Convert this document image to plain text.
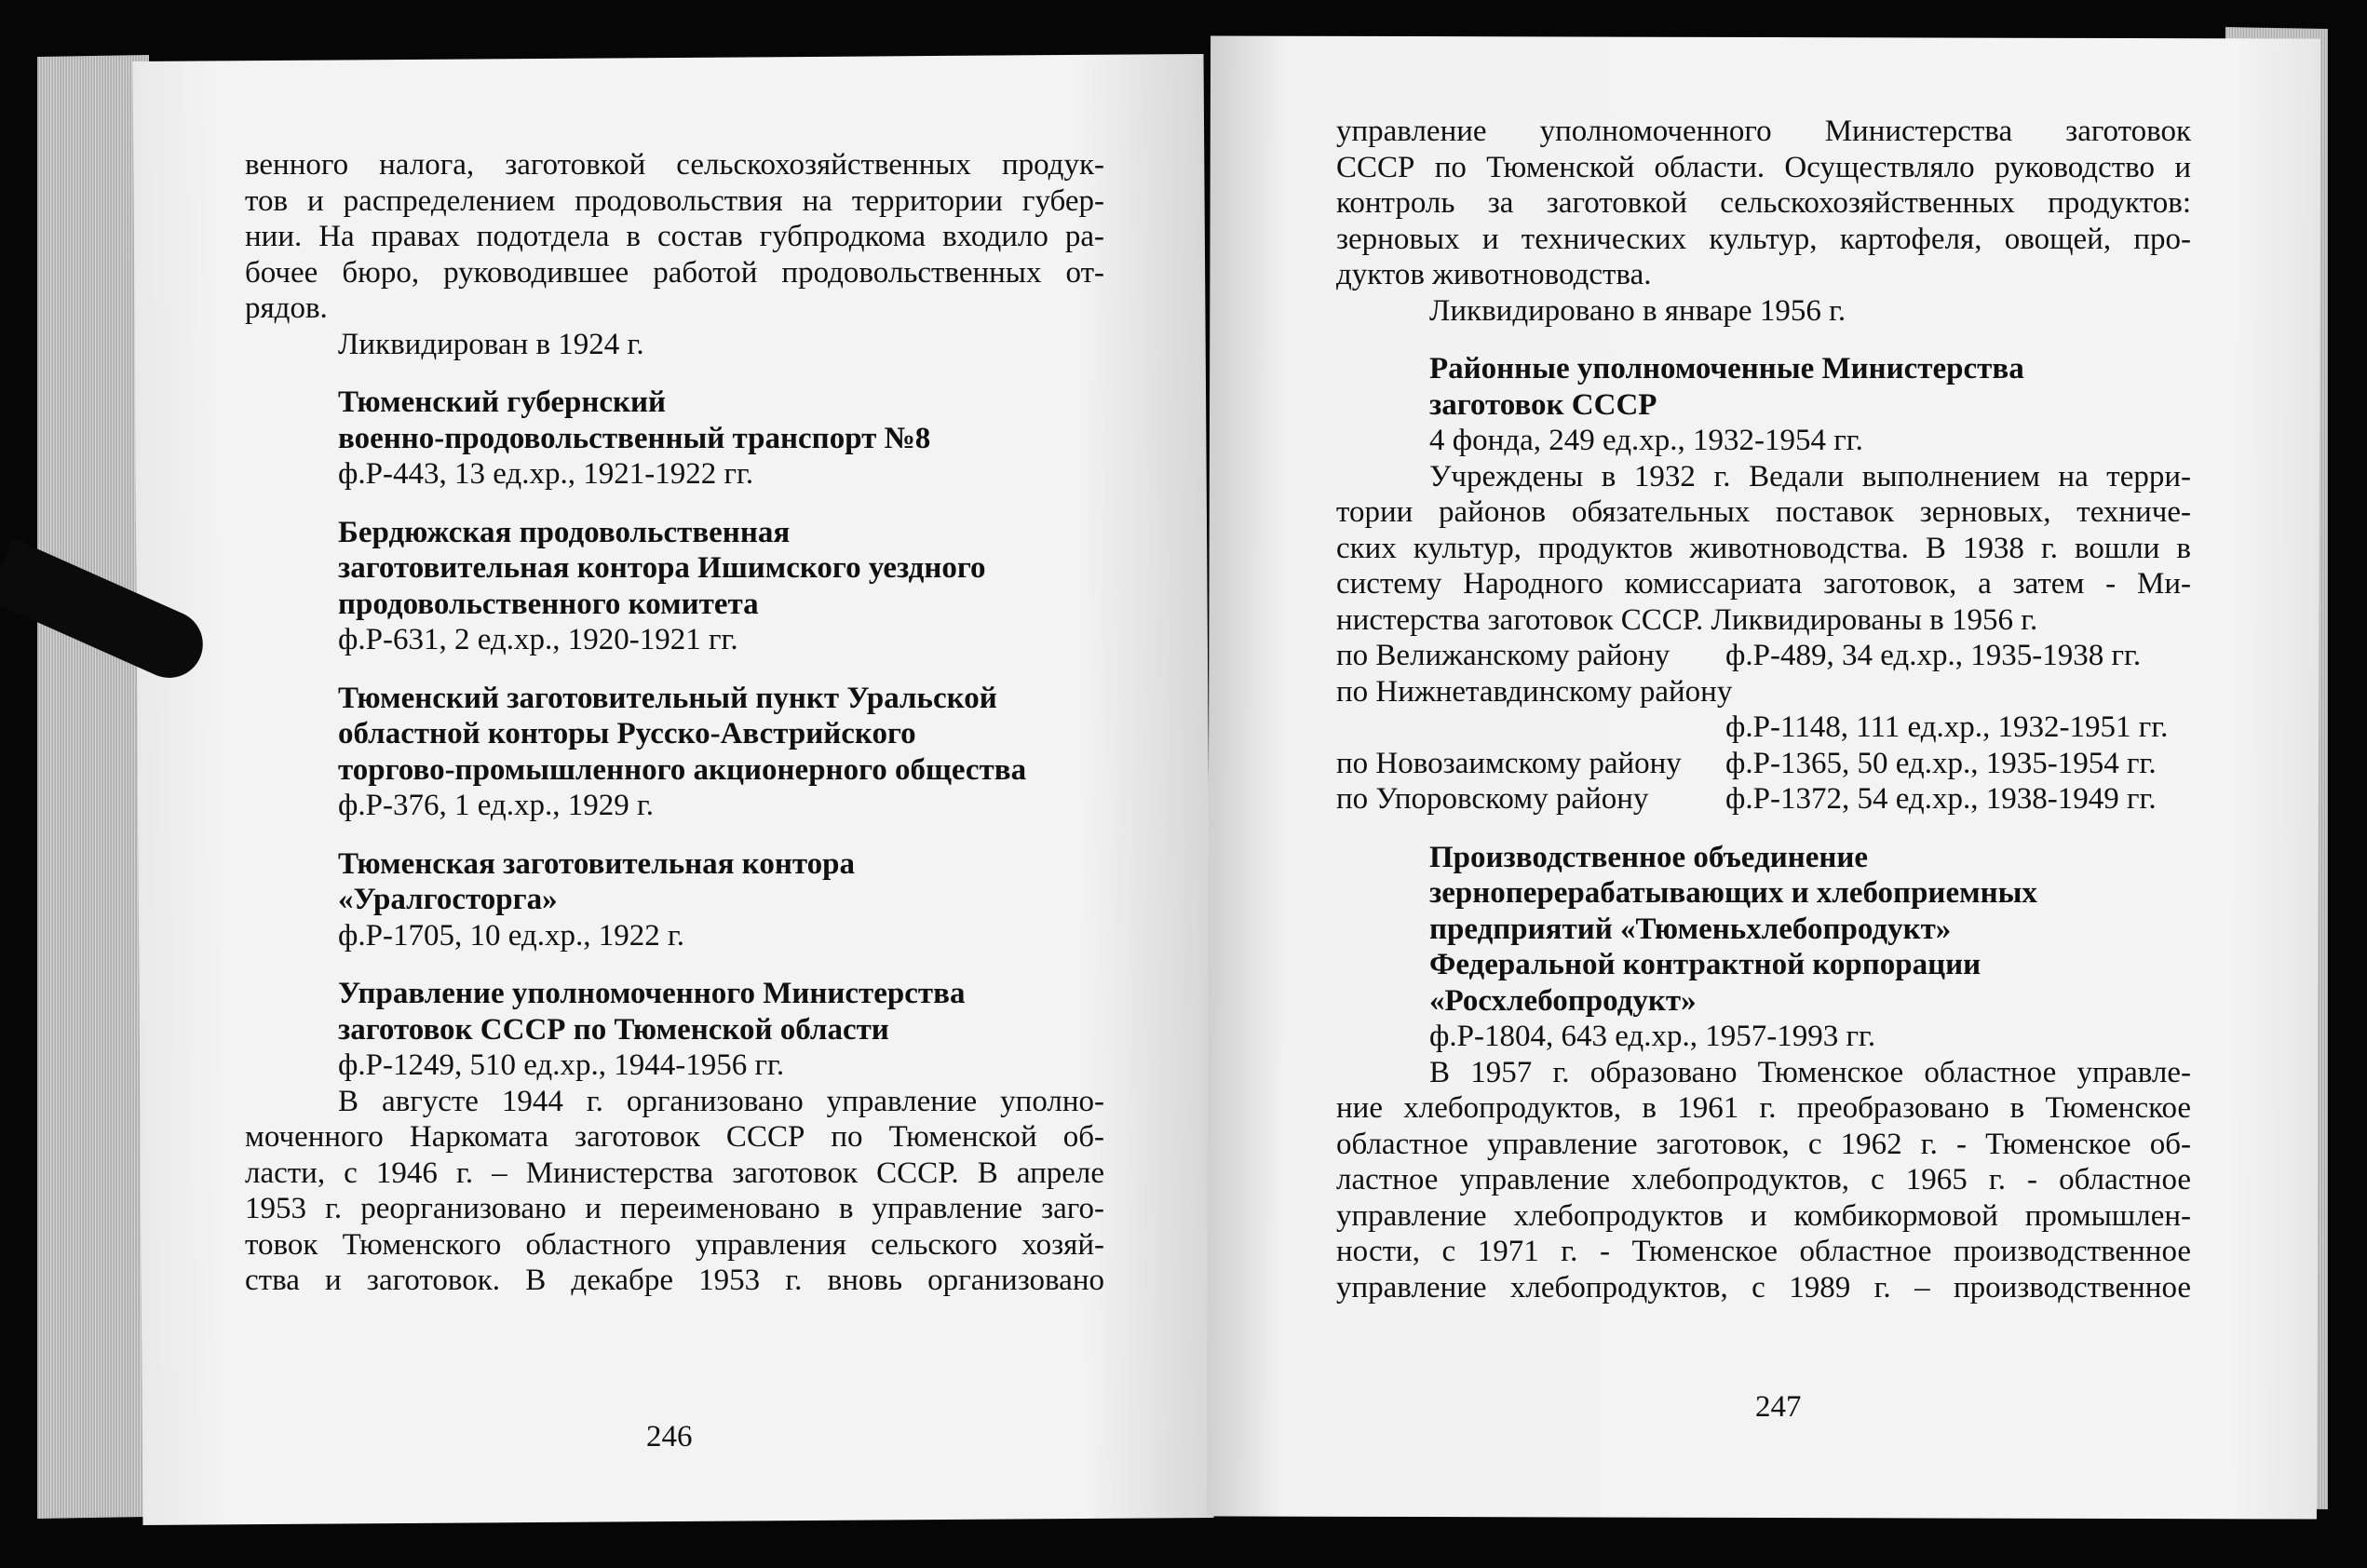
венного налога, заготовкой сельскохозяйственных продук-

тов и распределением продовольствия на территории губер-

нии. На правах подотдела в состав губпродкома входило ра-

бочее бюро, руководившее работой продовольственных от-

рядов.

Ликвидирован в 1924 г.

Тюменский губернский

военно-продовольственный транспорт №8

ф.Р-443, 13 ед.хр., 1921-1922 гг.

Бердюжская продовольственная

заготовительная контора Ишимского уездного

продовольственного комитета

ф.Р-631, 2 ед.хр., 1920-1921 гг.

Тюменский заготовительный пункт Уральской

областной конторы Русско-Австрийского

торгово-промышленного акционерного общества

ф.Р-376, 1 ед.хр., 1929 г.

Тюменская заготовительная контора

«Уралгосторга»

ф.Р-1705, 10 ед.хр., 1922 г.

Управление уполномоченного Министерства

заготовок СССР по Тюменской области

ф.Р-1249, 510 ед.хр., 1944-1956 гг.

В августе 1944 г. организовано управление уполно-

моченного Наркомата заготовок СССР по Тюменской об-

ласти, с 1946 г. – Министерства заготовок СССР. В апреле

1953 г. реорганизовано и переименовано в управление заго-

товок Тюменского областного управления сельского хозяй-

ства и заготовок. В декабре 1953 г. вновь организовано

246

управление уполномоченного Министерства заготовок

СССР по Тюменской области. Осуществляло руководство и

контроль за заготовкой сельскохозяйственных продуктов:

зерновых и технических культур, картофеля, овощей, про-

дуктов животноводства.

Ликвидировано в январе 1956 г.

Районные уполномоченные Министерства

заготовок СССР

4 фонда, 249 ед.хр., 1932-1954 гг.

Учреждены в 1932 г. Ведали выполнением на терри-

тории районов обязательных поставок зерновых, техниче-

ских культур, продуктов животноводства. В 1938 г. вошли в

систему Народного комиссариата заготовок, а затем - Ми-

нистерства заготовок СССР. Ликвидированы в 1956 г.

по Велижанскому району	ф.Р-489, 34 ед.хр., 1935-1938 гг.
по Нижнетавдинскому району
ф.Р-1148, 111 ед.хр., 1932-1951 гг.
по Новозаимскому району	ф.Р-1365, 50 ед.хр., 1935-1954 гг.
по Упоровскому району	ф.Р-1372, 54 ед.хр., 1938-1949 гг.

Производственное объединение

зерноперерабатывающих и хлебоприемных

предприятий «Тюменьхлебопродукт»

Федеральной контрактной корпорации

«Росхлебопродукт»

ф.Р-1804, 643 ед.хр., 1957-1993 гг.

В 1957 г. образовано Тюменское областное управле-

ние хлебопродуктов, в 1961 г. преобразовано в Тюменское

областное управление заготовок, с 1962 г. - Тюменское об-

ластное управление хлебопродуктов, с 1965 г. - областное

управление хлебопродуктов и комбикормовой промышлен-

ности, с 1971 г. - Тюменское областное производственное

управление хлебопродуктов, с 1989 г. – производственное

247
